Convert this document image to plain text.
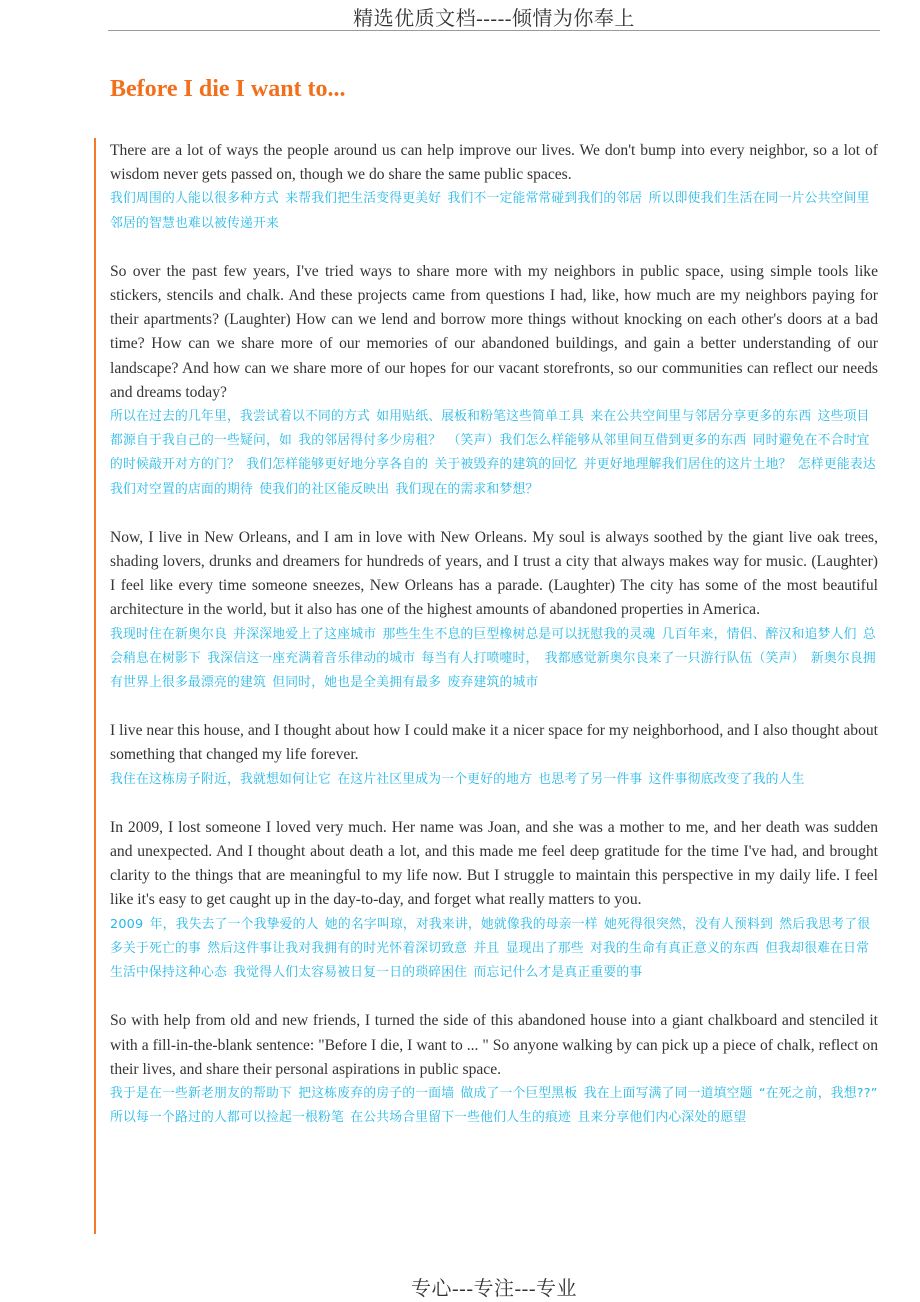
精选优质文档-----倾情为你奉上
Before I die I want to...

There are a lot of ways the people around us can help improve our lives. We don't bump into every neighbor, so a lot of wisdom never gets passed on, though we do share the same public spaces.

我们周围的人能以很多种方式 来帮我们把生活变得更美好 我们不一定能常常碰到我们的邻居 所以即使我们生活在同一片公共空间里 邻居的智慧也难以被传递开来

So over the past few years, I've tried ways to share more with my neighbors in public space, using simple tools like stickers, stencils and chalk. And these projects came from questions I had, like, how much are my neighbors paying for their apartments? (Laughter) How can we lend and borrow more things without knocking on each other's doors at a bad time? How can we share more of our memories of our abandoned buildings, and gain a better understanding of our landscape? And how can we share more of our hopes for our vacant storefronts, so our communities can reflect our needs and dreams today?

所以在过去的几年里，我尝试着以不同的方式 如用贴纸、展板和粉笔这些简单工具 来在公共空间里与邻居分享更多的东西 这些项目都源自于我自己的一些疑问，如 我的邻居得付多少房租？ （笑声）我们怎么样能够从邻里间互借到更多的东西 同时避免在不合时宜的时候敲开对方的门？ 我们怎样能够更好地分享各自的 关于被毁弃的建筑的回忆 并更好地理解我们居住的这片土地？ 怎样更能表达我们对空置的店面的期待 使我们的社区能反映出 我们现在的需求和梦想？

Now, I live in New Orleans, and I am in love with New Orleans. My soul is always soothed by the giant live oak trees, shading lovers, drunks and dreamers for hundreds of years, and I trust a city that always makes way for music. (Laughter) I feel like every time someone sneezes, New Orleans has a parade. (Laughter) The city has some of the most beautiful architecture in the world, but it also has one of the highest amounts of abandoned properties in America.

我现时住在新奥尔良 并深深地爱上了这座城市 那些生生不息的巨型橡树总是可以抚慰我的灵魂 几百年来，情侣、醉汉和追梦人们 总会稍息在树影下 我深信这一座充满着音乐律动的城市 每当有人打喷嚏时， 我都感觉新奥尔良来了一只游行队伍（笑声） 新奥尔良拥有世界上很多最漂亮的建筑 但同时，她也是全美拥有最多 废弃建筑的城市

I live near this house, and I thought about how I could make it a nicer space for my neighborhood, and I also thought about something that changed my life forever.

我住在这栋房子附近，我就想如何让它 在这片社区里成为一个更好的地方 也思考了另一件事 这件事彻底改变了我的人生

In 2009, I lost someone I loved very much. Her name was Joan, and she was a mother to me, and her death was sudden and unexpected. And I thought about death a lot, and this made me feel deep gratitude for the time I've had, and brought clarity to the things that are meaningful to my life now. But I struggle to maintain this perspective in my daily life. I feel like it's easy to get caught up in the day-to-day, and forget what really matters to you.

2009 年，我失去了一个我挚爱的人 她的名字叫琼，对我来讲，她就像我的母亲一样 她死得很突然，没有人预料到 然后我思考了很多关于死亡的事 然后这件事让我对我拥有的时光怀着深切致意 并且 显现出了那些 对我的生命有真正意义的东西 但我却很难在日常生活中保持这种心态 我觉得人们太容易被日复一日的琐碎困住 而忘记什么才是真正重要的事

So with help from old and new friends, I turned the side of this abandoned house into a giant chalkboard and stenciled it with a fill-in-the-blank sentence: "Before I die, I want to ... " So anyone walking by can pick up a piece of chalk, reflect on their lives, and share their personal aspirations in public space.

我于是在一些新老朋友的帮助下 把这栋废弃的房子的一面墙 做成了一个巨型黑板 我在上面写满了同一道填空题 “在死之前，我想??” 所以每一个路过的人都可以捡起一根粉笔 在公共场合里留下一些他们人生的痕迹 且来分享他们内心深处的愿望

专心---专注---专业
